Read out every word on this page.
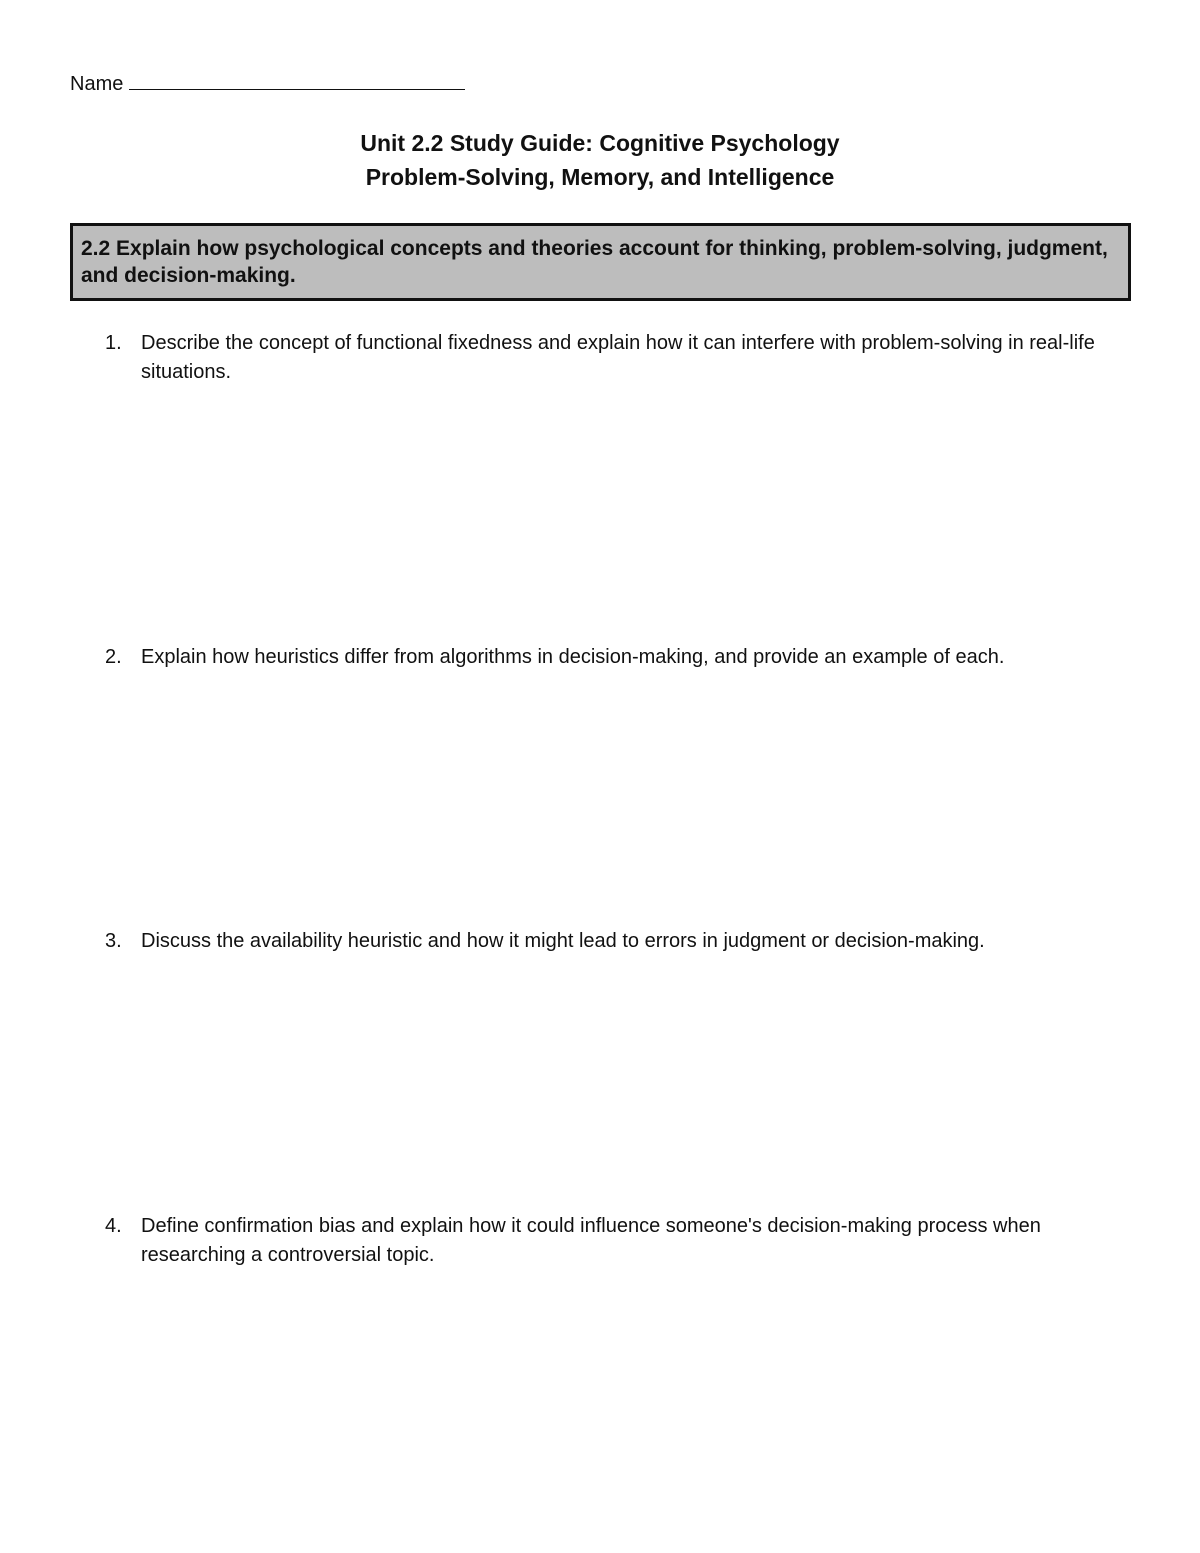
Name
Unit 2.2 Study Guide: Cognitive Psychology
Problem-Solving, Memory, and Intelligence
2.2 Explain how psychological concepts and theories account for thinking, problem-solving, judgment, and decision-making.
1. Describe the concept of functional fixedness and explain how it can interfere with problem-solving in real-life situations.
2. Explain how heuristics differ from algorithms in decision-making, and provide an example of each.
3. Discuss the availability heuristic and how it might lead to errors in judgment or decision-making.
4. Define confirmation bias and explain how it could influence someone's decision-making process when researching a controversial topic.
